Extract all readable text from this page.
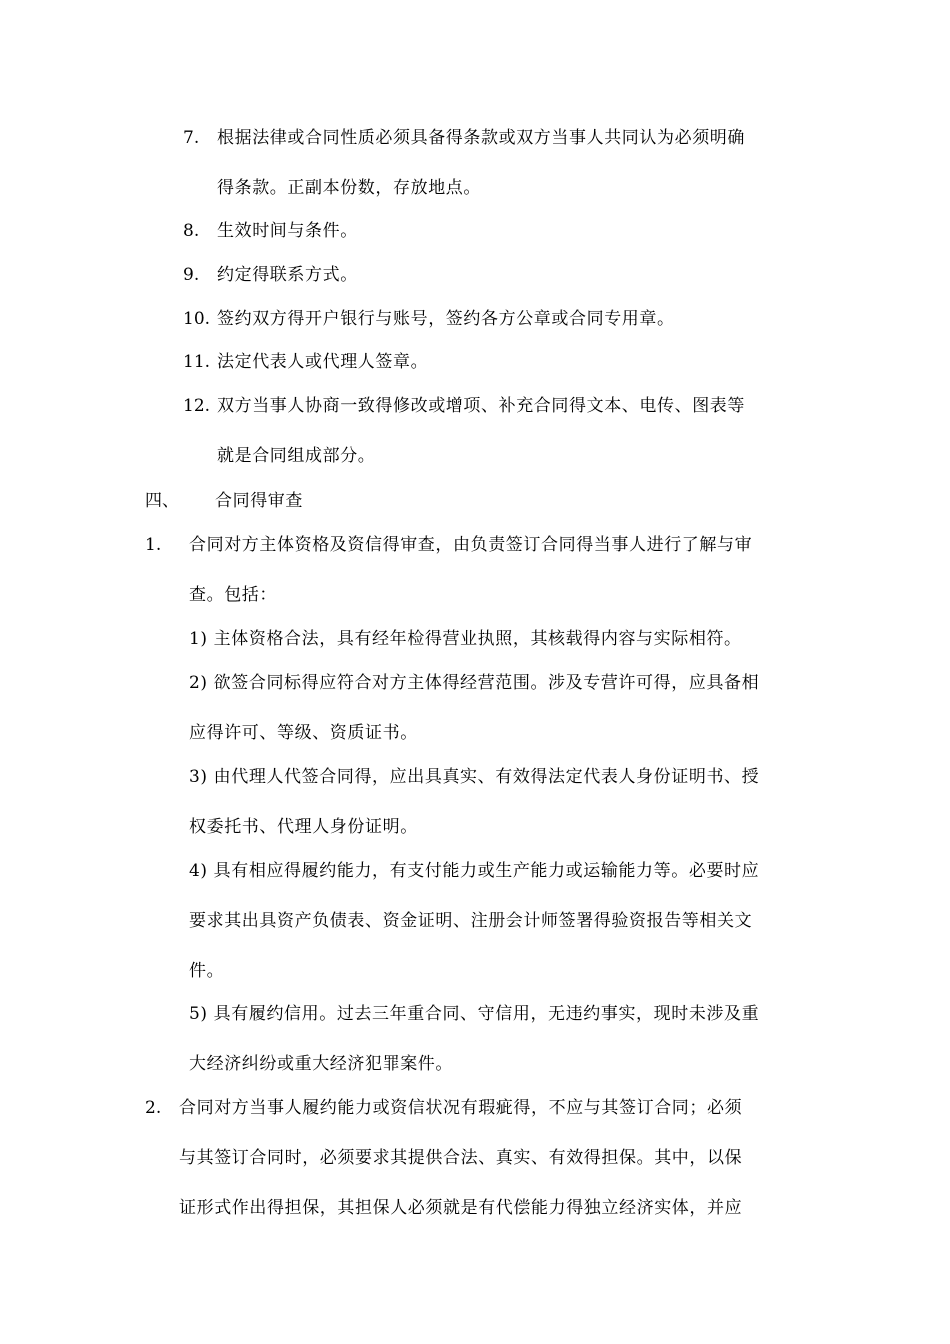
7. 根据法律或合同性质必须具备得条款或双方当事人共同认为必须明确
得条款。正副本份数，存放地点。
8. 生效时间与条件。
9. 约定得联系方式。
10. 签约双方得开户银行与账号，签约各方公章或合同专用章。
11. 法定代表人或代理人签章。
12. 双方当事人协商一致得修改或增项、补充合同得文本、电传、图表等
就是合同组成部分。
四、 合同得审查
1. 合同对方主体资格及资信得审查，由负责签订合同得当事人进行了解与审
查。包括：
1) 主体资格合法，具有经年检得营业执照，其核载得内容与实际相符。
2) 欲签合同标得应符合对方主体得经营范围。涉及专营许可得，应具备相
应得许可、等级、资质证书。
3) 由代理人代签合同得，应出具真实、有效得法定代表人身份证明书、授
权委托书、代理人身份证明。
4) 具有相应得履约能力，有支付能力或生产能力或运输能力等。必要时应
要求其出具资产负债表、资金证明、注册会计师签署得验资报告等相关文
件。
5) 具有履约信用。过去三年重合同、守信用，无违约事实，现时未涉及重
大经济纠纷或重大经济犯罪案件。
2. 合同对方当事人履约能力或资信状况有瑕疵得，不应与其签订合同；必须
与其签订合同时，必须要求其提供合法、真实、有效得担保。其中，以保
证形式作出得担保，其担保人必须就是有代偿能力得独立经济实体，并应
